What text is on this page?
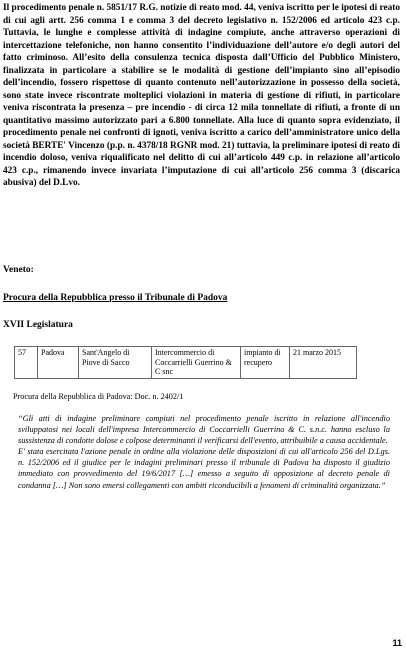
Il procedimento penale n. 5851/17 R.G. notizie di reato mod. 44, veniva iscritto per le ipotesi di reato di cui agli artt. 256 comma 1 e comma 3 del decreto legislativo n. 152/2006 ed articolo 423 c.p. Tuttavia, le lunghe e complesse attività di indagine compiute, anche attraverso operazioni di intercettazione telefoniche, non hanno consentito l’individuazione dell’autore e/o degli autori del fatto criminoso. All’esito della consulenza tecnica disposta dall’Ufficio del Pubblico Ministero, finalizzata in particolare a stabilire se le modalità di gestione dell’impianto sino all’episodio dell’incendio, fossero rispettose di quanto contenuto nell’autorizzazione in possesso della società, sono state invece riscontrate molteplici violazioni in materia di gestione di rifiuti, in particolare veniva riscontrata la presenza – pre incendio - di circa 12 mila tonnellate di rifiuti, a fronte di un quantitativo massimo autorizzato pari a 6.800 tonnellate. Alla luce di quanto sopra evidenziato, il procedimento penale nei confronti di ignoti, veniva iscritto a carico dell’amministratore unico della società BERTE' Vincenzo (p.p. n. 4378/18 RGNR mod. 21) tuttavia, la preliminare ipotesi di reato di incendio doloso, veniva riqualificato nel delitto di cui all’articolo 449 c.p. in relazione all’articolo 423 c.p., rimanendo invece invariata l’imputazione di cui all’articolo 256 comma 3 (discarica abusiva) del D.Lvo.

Veneto:

Procura della Repubblica presso il Tribunale di Padova

XVII Legislatura

57	Padova	Sant'Angelo di Piove di Sacco	Intercommercio di Coccarrielli Guerrino & C snc	impianto di recupero	21 marzo 2015

Procura della Repubblica di Padova: Doc. n. 2402/1

“Gli atti di indagine preliminare compiuti nel procedimento penale iscritto in relazione all'incendio sviluppatosi nei locali dell'impresa Intercommercio di Coccarrielli Guerrino & C. s.n.c. hanno escluso la sussistenza di condotte dolose e colpose determinanti il verificarsi dell'evento, attribuibile a causa accidentale.

E' stata esercitata l'azione penale in ordine alla violazione delle disposizioni di cui all'articolo 256 del D.Lgs. n. 152/2006 ed il giudice per le indagini preliminari presso il tribunale di Padova ha disposto il giudizio immediato con provvedimento del 19/6/2017 […] emesso a seguito di opposizione al decreto penale di condanna […] Non sono emersi collegamenti con ambiti riconducibili a fenomeni di criminalità organizzata.”

11
